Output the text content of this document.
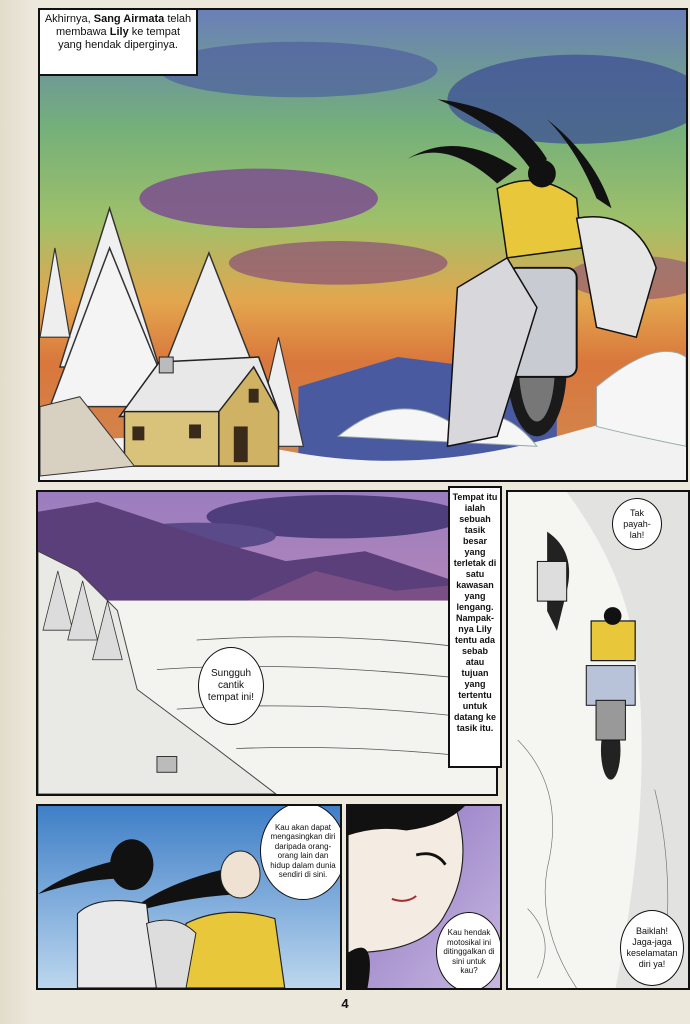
Akhirnya, Sang Airmata telah membawa Lily ke tempat yang hendak diperginya.
Sungguh cantik tempat ini!
Tempat itu ialah sebuah tasik besar yang terletak di satu kawasan yang lengang. Nampak-nya Lily tentu ada sebab atau tujuan yang tertentu untuk datang ke tasik itu.
Tak payah-lah!
Baiklah! Jaga-jaga keselamatan diri ya!
Kau akan dapat mengasingkan diri daripada orang-orang lain dan hidup dalam dunia sendiri di sini.
Kau hendak motosikal ini ditinggalkan di sini untuk kau?
4
